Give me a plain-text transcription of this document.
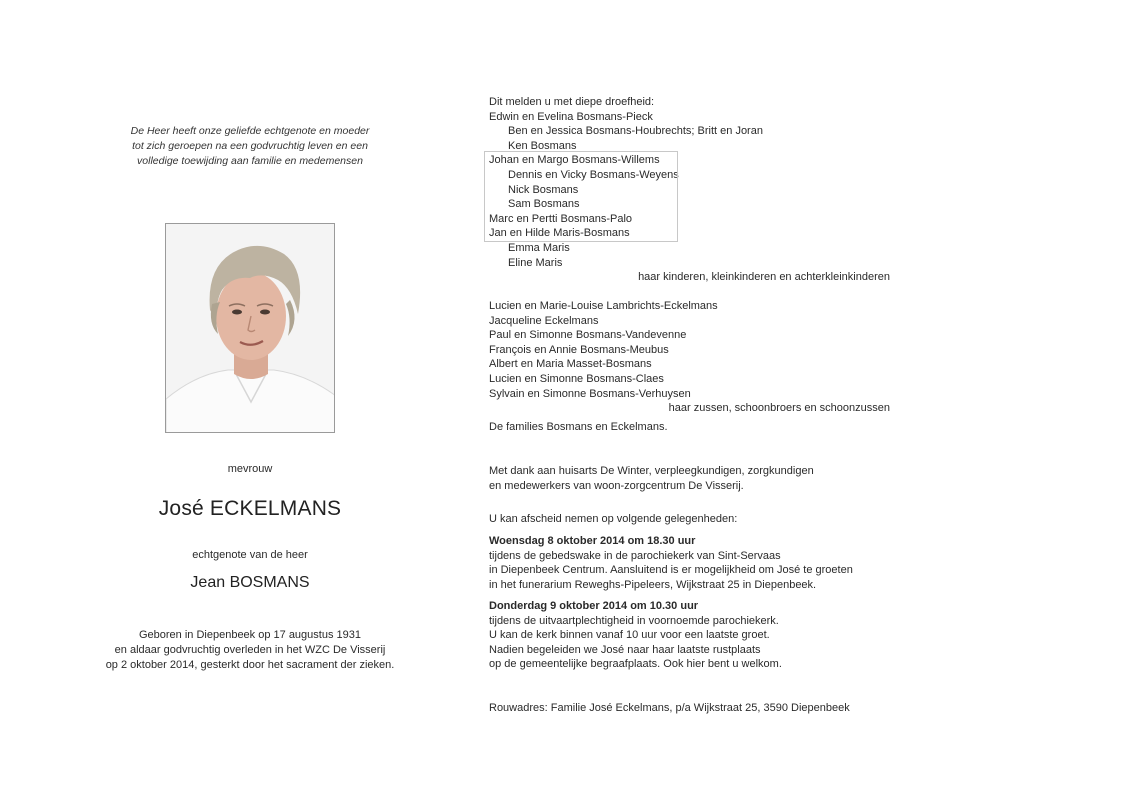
De Heer heeft onze geliefde echtgenote en moeder
tot zich geroepen na een godvruchtig leven en een
volledige toewijding aan familie en medemensen
mevrouw
José ECKELMANS
echtgenote van de heer
Jean BOSMANS
Geboren in Diepenbeek op 17 augustus 1931
en aldaar godvruchtig overleden in het WZC De Visserij
op 2 oktober 2014, gesterkt door het sacrament der zieken.
Dit melden u met diepe droefheid:
Edwin en Evelina Bosmans-Pieck
Ben en Jessica Bosmans-Houbrechts; Britt en Joran
Ken Bosmans
Johan en Margo Bosmans-Willems
Dennis en Vicky Bosmans-Weyens
Nick Bosmans
Sam Bosmans
Marc en Pertti Bosmans-Palo
Jan en Hilde Maris-Bosmans
Emma Maris
Eline Maris
haar kinderen, kleinkinderen en achterkleinkinderen
Lucien en Marie-Louise Lambrichts-Eckelmans
Jacqueline Eckelmans
Paul en Simonne Bosmans-Vandevenne
François en Annie Bosmans-Meubus
Albert en Maria Masset-Bosmans
Lucien en Simonne Bosmans-Claes
Sylvain en Simonne Bosmans-Verhuysen
haar zussen, schoonbroers en schoonzussen
De families Bosmans en Eckelmans.
Met dank aan huisarts De Winter, verpleegkundigen, zorgkundigen
en medewerkers van woon-zorgcentrum De Visserij.
U kan afscheid nemen op volgende gelegenheden:
Woensdag 8 oktober 2014 om 18.30 uur
tijdens de gebedswake in de parochiekerk van Sint-Servaas
in Diepenbeek Centrum. Aansluitend is er mogelijkheid om José te groeten
in het funerarium Reweghs-Pipeleers, Wijkstraat 25 in Diepenbeek.
Donderdag 9 oktober 2014 om 10.30 uur
tijdens de uitvaartplechtigheid in voornoemde parochiekerk.
U kan de kerk binnen vanaf 10 uur voor een laatste groet.
Nadien begeleiden we José naar haar laatste rustplaats
op de gemeentelijke begraafplaats. Ook hier bent u welkom.
Rouwadres: Familie José Eckelmans, p/a Wijkstraat 25, 3590 Diepenbeek
